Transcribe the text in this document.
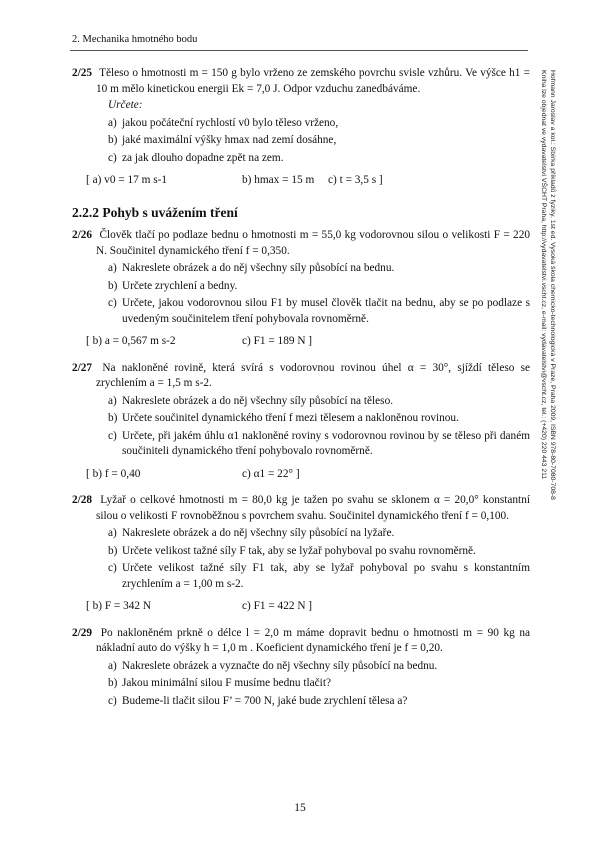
2. Mechanika hmotného bodu
Hofmann Jaroslav a kol.: Sbírka příkladů z fyziky. 1st ed. Vysoká škola chemicko-technologická v Praze, Praha 2009, ISBN 978-80-7080-708-8
Kniha lze objednat ve vydavatelství VŠCHT Praha, http://vydavatelstvi.vscht.cz, e-mail: vydavatelstvi@vscht.cz, tel.: (+420) 220 443 211
2/25 Těleso o hmotnosti m = 150 g bylo vrženo ze zemského povrchu svisle vzhůru. Ve výšce h1 = 10 m mělo kinetickou energii Ek = 7,0 J. Odpor vzduchu zanedbáváme.
Určete:
a) jakou počáteční rychlostí v0 bylo těleso vrženo,
b) jaké maximální výšky hmax nad zemí dosáhne,
c) za jak dlouho dopadne zpět na zem.
[ a) v0 = 17 m s-1	b) hmax = 15 m c) t = 3,5 s ]
2.2.2 Pohyb s uvážením tření
2/26 Člověk tlačí po podlaze bednu o hmotnosti m = 55,0 kg vodorovnou silou o velikosti F = 220 N. Součinitel dynamického tření f = 0,350.
a) Nakreslete obrázek a do něj všechny síly působící na bednu.
b) Určete zrychlení a bedny.
c) Určete, jakou vodorovnou silou F1 by musel člověk tlačit na bednu, aby se po podlaze s uvedeným součinitelem tření pohybovala rovnoměrně.
[ b) a = 0,567 m s-2	c) F1 = 189 N ]
2/27 Na nakloněné rovině, která svírá s vodorovnou rovinou úhel α = 30°, sjíždí těleso se zrychlením a = 1,5 m s-2.
a) Nakreslete obrázek a do něj všechny síly působící na těleso.
b) Určete součinitel dynamického tření f mezi tělesem a nakloněnou rovinou.
c) Určete, při jakém úhlu α1 nakloněné roviny s vodorovnou rovinou by se těleso při daném součiniteli dynamického tření pohybovalo rovnoměrně.
[ b) f = 0,40	c) α1 = 22° ]
2/28 Lyžař o celkové hmotnosti m = 80,0 kg je tažen po svahu se sklonem α = 20,0° konstantní silou o velikosti F rovnoběžnou s povrchem svahu. Součinitel dynamického tření f = 0,100.
a) Nakreslete obrázek a do něj všechny síly působící na lyžaře.
b) Určete velikost tažné síly F tak, aby se lyžař pohyboval po svahu rovnoměrně.
c) Určete velikost tažné síly F1 tak, aby se lyžař pohyboval po svahu s konstantním zrychlením a = 1,00 m s-2.
[ b) F = 342 N	c) F1 = 422 N ]
2/29 Po nakloněném prkně o délce l = 2,0 m máme dopravit bednu o hmotnosti m = 90 kg na nákladní auto do výšky h = 1,0 m . Koeficient dynamického tření je f = 0,20.
a) Nakreslete obrázek a vyznačte do něj všechny síly působící na bednu.
b) Jakou minimální silou F musíme bednu tlačit?
c) Budeme-li tlačit silou F’ = 700 N, jaké bude zrychlení tělesa a?
15
